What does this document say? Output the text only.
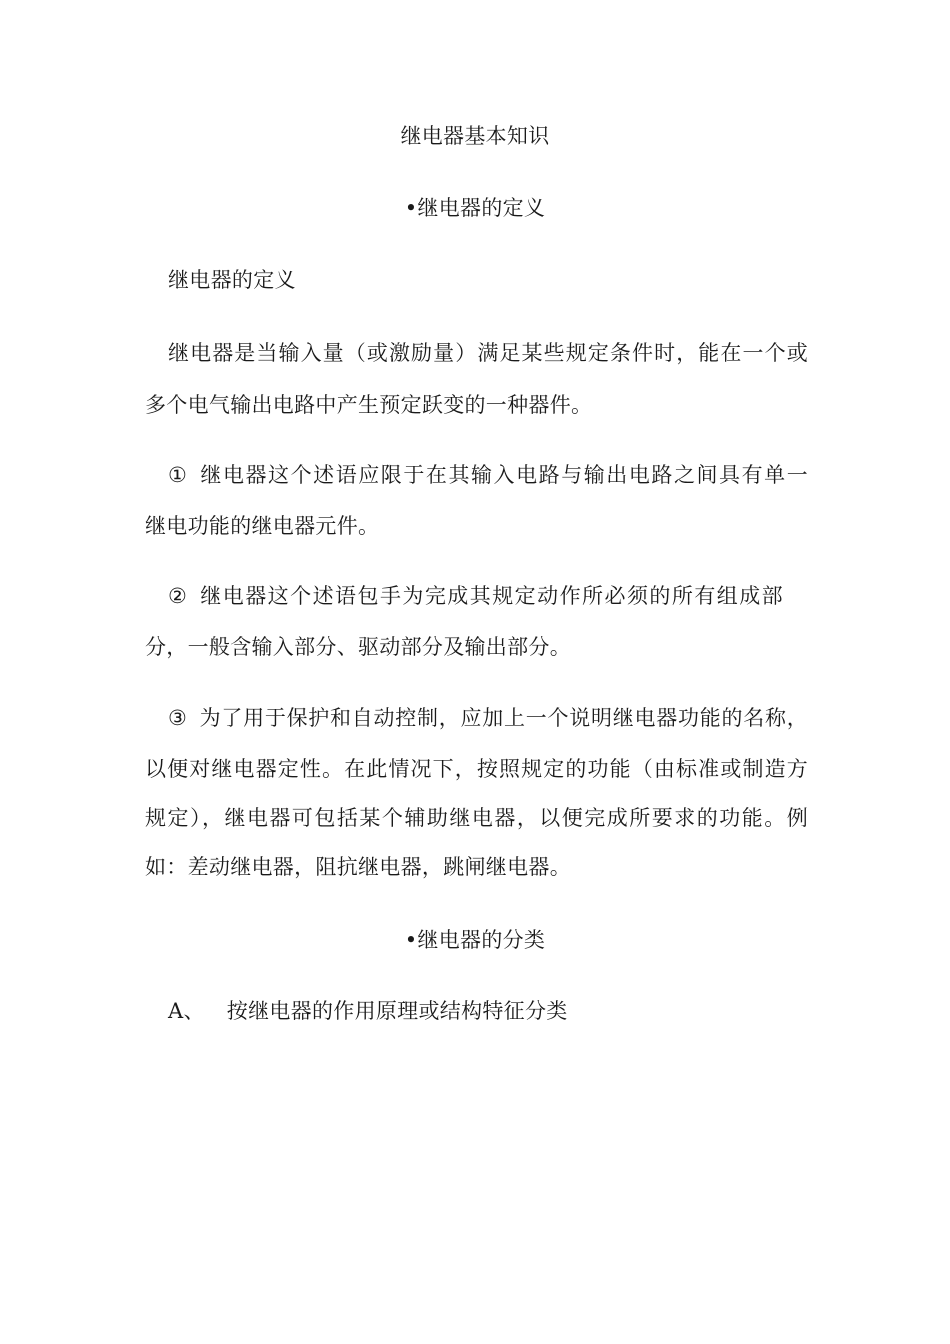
继电器基本知识
•继电器的定义
继电器的定义
继电器是当输入量（或激励量）满足某些规定条件时，能在一个或
多个电气输出电路中产生预定跃变的一种器件。
① 继电器这个述语应限于在其输入电路与输出电路之间具有单一
继电功能的继电器元件。
② 继电器这个述语包手为完成其规定动作所必须的所有组成部
分，一般含输入部分、驱动部分及输出部分。
③ 为了用于保护和自动控制，应加上一个说明继电器功能的名称，
以便对继电器定性。在此情况下，按照规定的功能（由标准或制造方
规定），继电器可包括某个辅助继电器，以便完成所要求的功能。例
如：差动继电器，阻抗继电器，跳闸继电器。
•继电器的分类
A、 按继电器的作用原理或结构特征分类
